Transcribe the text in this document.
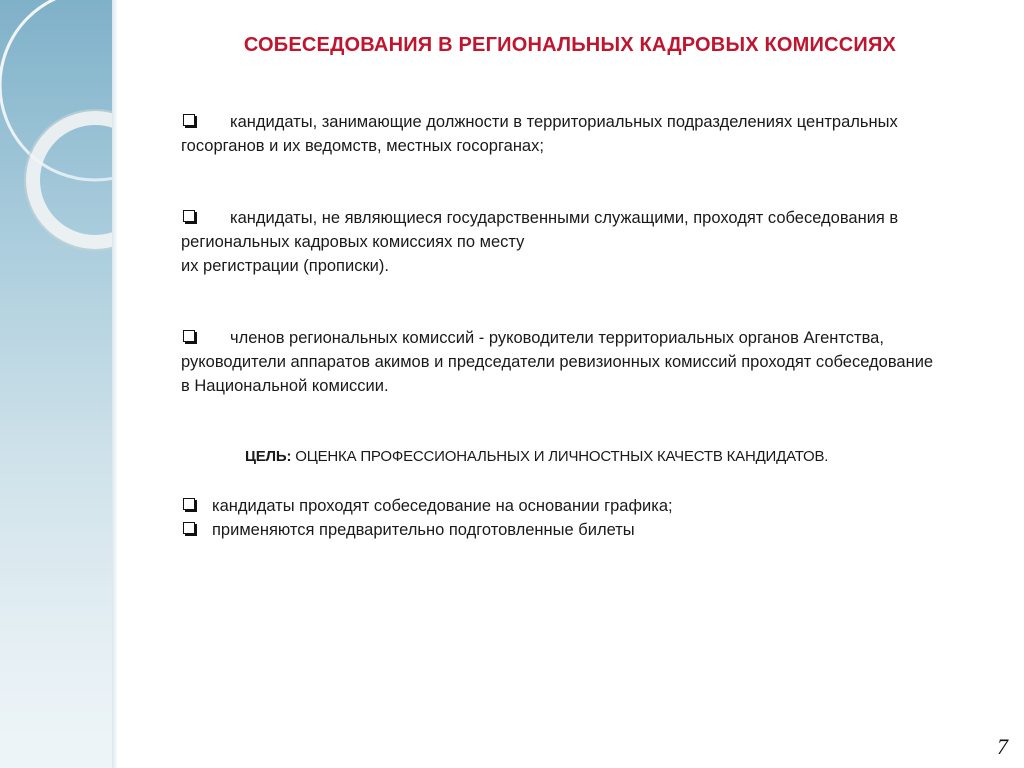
СОБЕСЕДОВАНИЯ В РЕГИОНАЛЬНЫХ КАДРОВЫХ КОМИССИЯХ
кандидаты, занимающие должности в территориальных подразделениях центральных госорганов и их ведомств, местных госорганах;
кандидаты, не являющиеся государственными служащими, проходят собеседования в региональных кадровых комиссиях по месту
их регистрации (прописки).
членов региональных комиссий - руководители территориальных органов Агентства, руководители аппаратов акимов и председатели ревизионных комиссий проходят собеседование в Национальной комиссии.
ЦЕЛЬ: ОЦЕНКА ПРОФЕССИОНАЛЬНЫХ И ЛИЧНОСТНЫХ КАЧЕСТВ КАНДИДАТОВ.
кандидаты проходят собеседование на основании графика;
применяются предварительно подготовленные билеты
7
